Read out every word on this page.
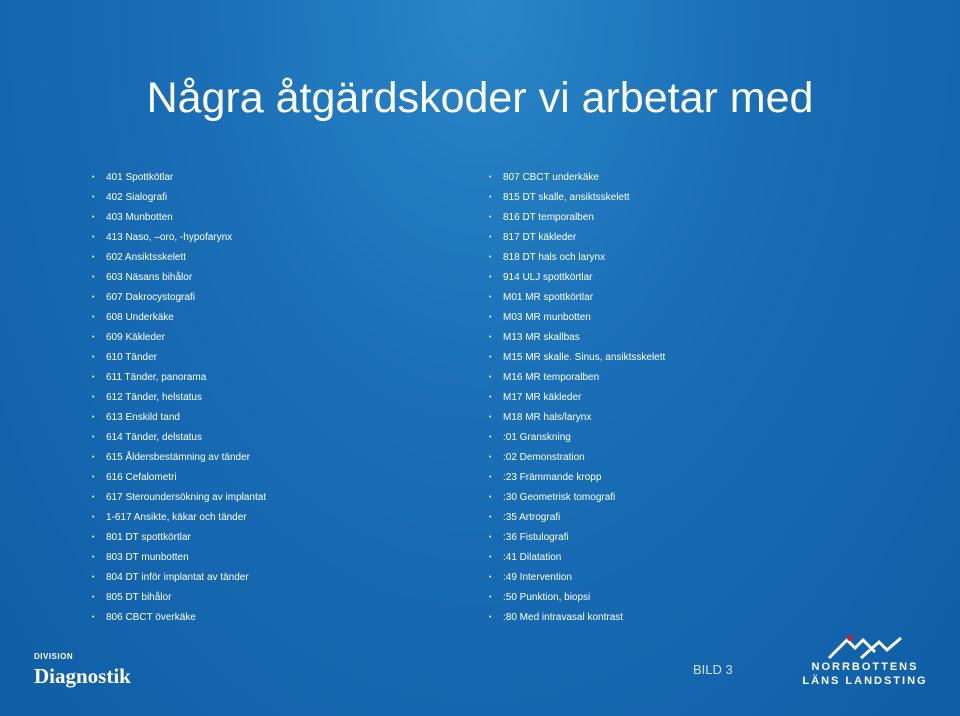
Några åtgärdskoder vi arbetar med
• 401 Spottkötlar
• 402 Sialografi
• 403 Munbotten
• 413 Naso, –oro, -hypofarynx
• 602 Ansiktsskelett
• 603 Näsans bihålor
• 607 Dakrocystografi
• 608 Underkäke
• 609 Käkleder
• 610 Tänder
• 611 Tänder, panorama
• 612 Tänder, helstatus
• 613 Enskild tand
• 614 Tänder, delstatus
• 615 Åldersbestämning av tänder
• 616 Cefalometri
• 617 Steroundersökning av implantat
• 1-617 Ansikte, käkar och tänder
• 801 DT spottkörtlar
• 803 DT munbotten
• 804 DT inför implantat av tänder
• 805 DT bihålor
• 806 CBCT överkäke
• 807 CBCT underkäke
• 815 DT skalle, ansiktsskelett
• 816 DT temporalben
• 817 DT käkleder
• 818 DT hals och larynx
• 914 ULJ spottkörtlar
• M01 MR spottkörtlar
• M03 MR munbotten
• M13 MR skallbas
• M15 MR skalle. Sinus, ansiktsskelett
• M16 MR temporalben
• M17 MR käkleder
• M18 MR hals/larynx
• :01 Granskning
• :02 Demonstration
• :23 Främmande kropp
• :30 Geometrisk tomografi
• :35 Artrografi
• :36 Fistulografi
• :41 Dilatation
• :49 Intervention
• :50 Punktion, biopsi
• :80 Med intravasal kontrast
DIVISION
Diagnostik	BILD 3	NORRBOTTENS
LÄNS LANDSTING
